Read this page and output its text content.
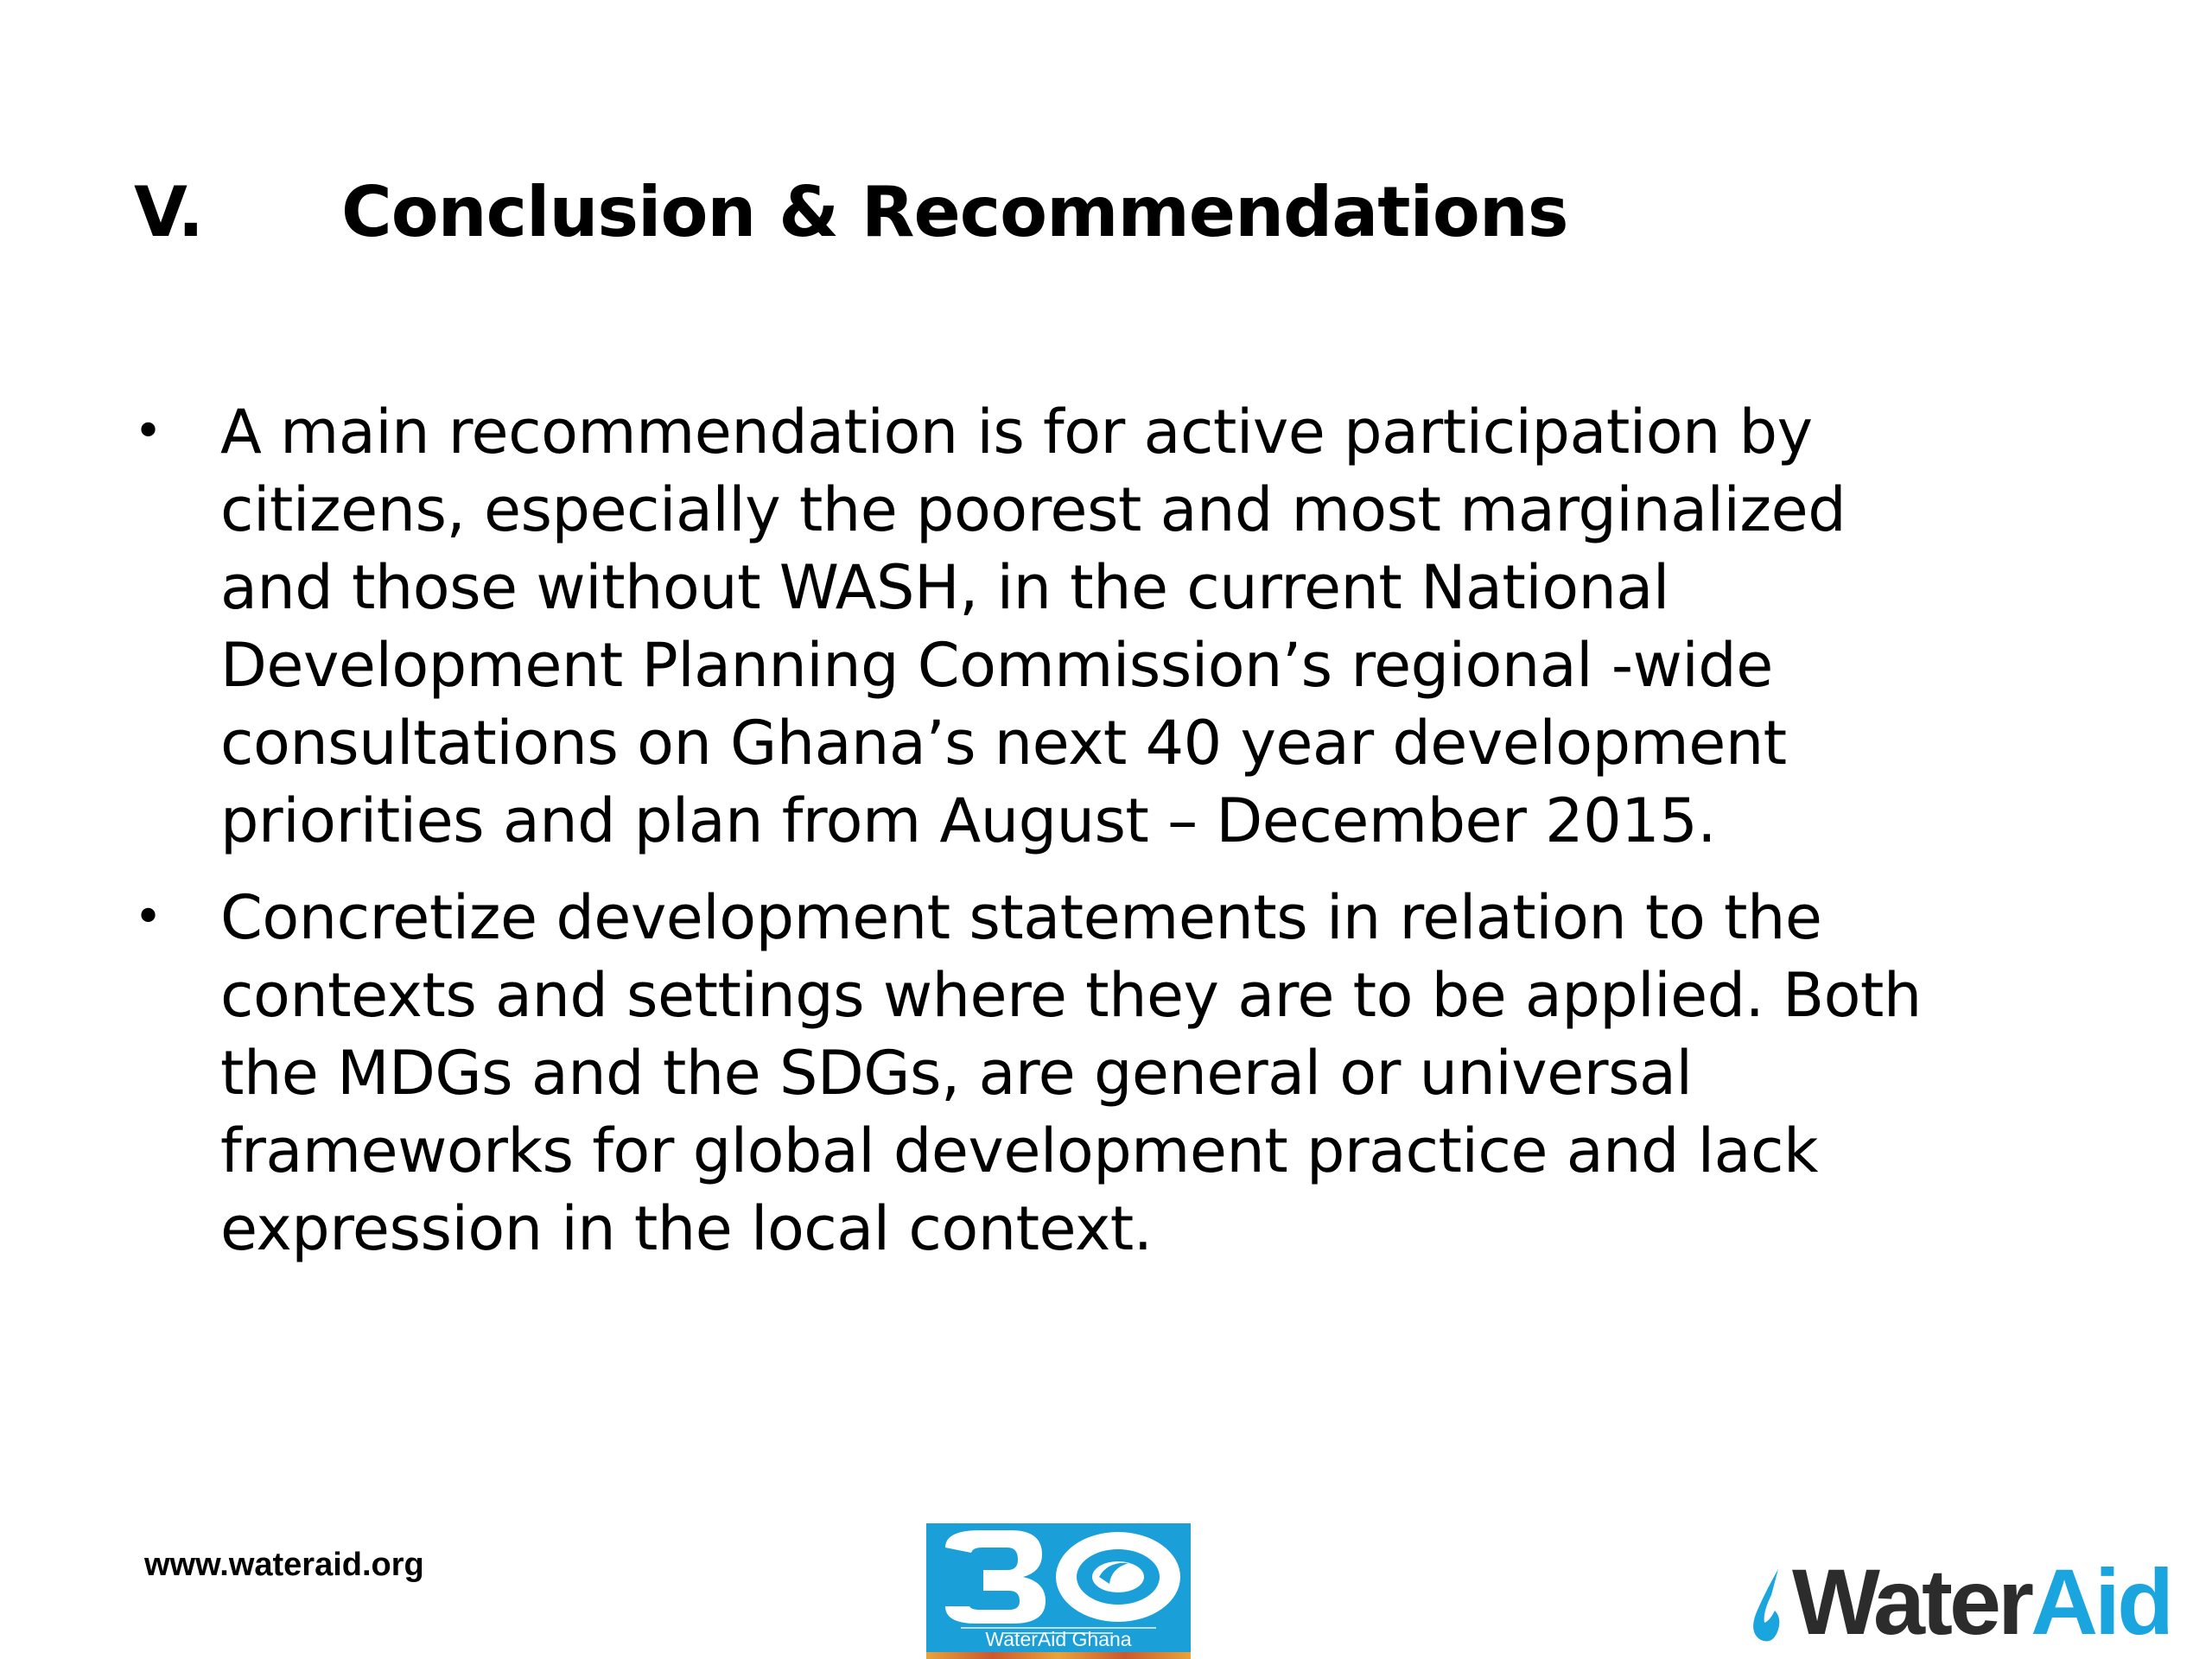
V.	Conclusion & Recommendations
• A main recommendation is for active participation by
citizens, especially the poorest and most marginalized
and those without WASH, in the current National
Development Planning Commission’s regional -wide
consultations on Ghana’s next 40 year development
priorities and plan from August – December 2015.
• Concretize development statements in relation to the
contexts and settings where they are to be applied. Both
the MDGs and the SDGs, are general or universal
frameworks for global development practice and lack
expression in the local context.
www.wateraid.org
WaterAid Ghana	WaterAid
